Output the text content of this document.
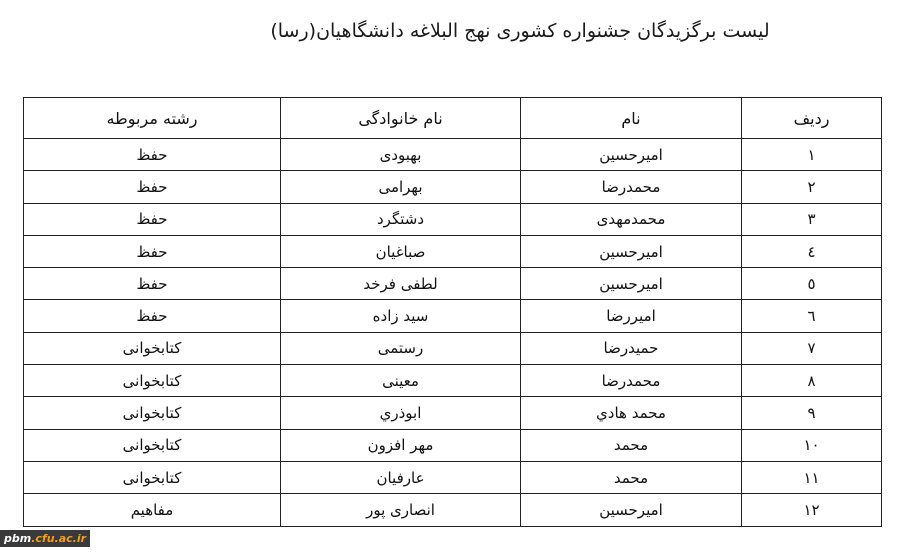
لیست برگزیدگان جشنواره کشوری نهج البلاغه دانشگاهیان(رسا)
ردیف	نام	نام خانوادگی	رشته مربوطه
۱	امیرحسین	بهبودی	حفظ
۲	محمدرضا	بهرامی	حفظ
۳	محمدمهدی	دشتگرد	حفظ
٤	امیرحسین	صباغیان	حفظ
٥	امیرحسین	لطفی فرخد	حفظ
٦	امیررضا	سید زاده	حفظ
۷	حمیدرضا	رستمی	کتابخوانی
۸	محمدرضا	معینی	کتابخوانی
۹	محمد هادي	ابوذري	کتابخوانی
۱۰	محمد	مهر افزون	کتابخوانی
۱۱	محمد	عارفیان	کتابخوانی
۱۲	امیرحسین	انصاری پور	مفاهیم
pbm .cfu.ac.ir
